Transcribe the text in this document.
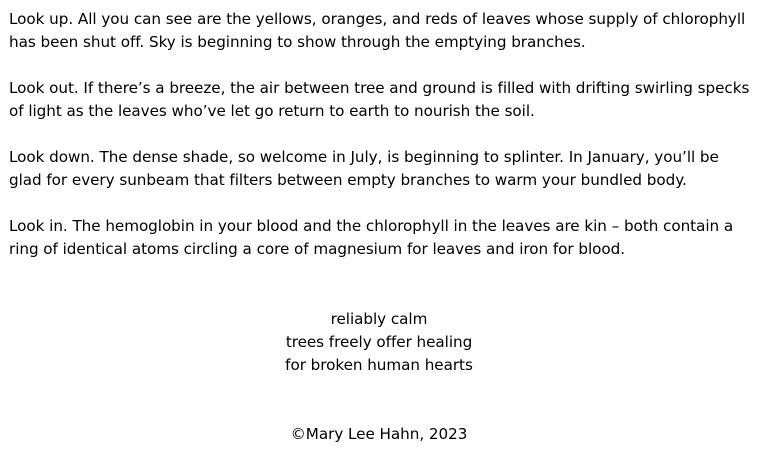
Look up. All you can see are the yellows, oranges, and reds of leaves whose supply of chlorophyll has been shut off. Sky is beginning to show through the emptying branches.

Look out. If there’s a breeze, the air between tree and ground is filled with drifting swirling specks of light as the leaves who’ve let go return to earth to nourish the soil.

Look down. The dense shade, so welcome in July, is beginning to splinter. In January, you’ll be glad for every sunbeam that filters between empty branches to warm your bundled body.

Look in. The hemoglobin in your blood and the chlorophyll in the leaves are kin – both contain a ring of identical atoms circling a core of magnesium for leaves and iron for blood.

reliably calm
trees freely offer healing
for broken human hearts
©Mary Lee Hahn, 2023
